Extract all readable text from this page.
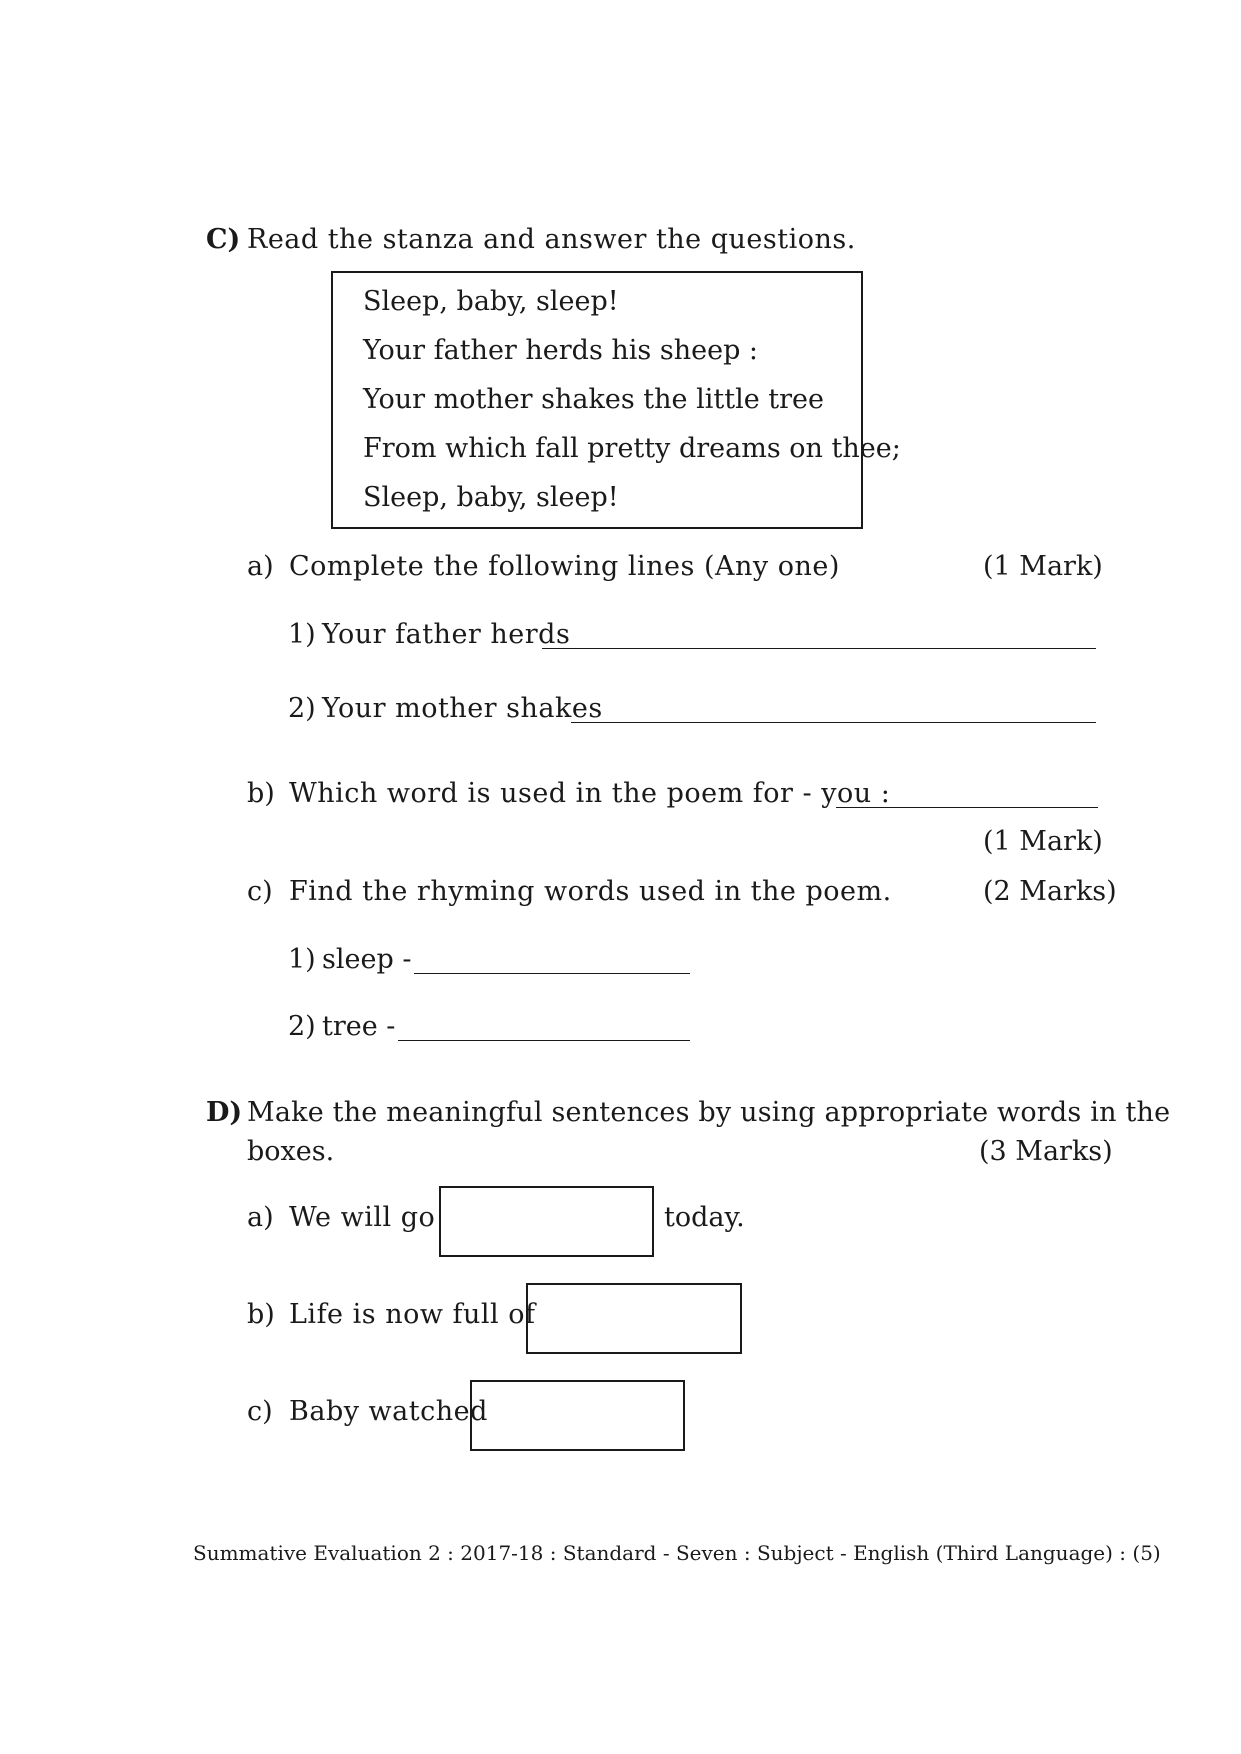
C) Read the stanza and answer the questions.
Sleep, baby, sleep!
Your father herds his sheep :
Your mother shakes the little tree
From which fall pretty dreams on thee;
Sleep, baby, sleep!
a) Complete the following lines (Any one)	(1 Mark)
1) Your father herds
2) Your mother shakes
b) Which word is used in the poem for - you :
(1 Mark)
c) Find the rhyming words used in the poem.	(2 Marks)
1) sleep -
2) tree -
D) Make the meaningful sentences by using appropriate words in the
boxes.	(3 Marks)
a) We will go	today.
b) Life is now full of
c) Baby watched
Summative Evaluation 2 : 2017-18 : Standard - Seven : Subject - English (Third Language) : (5)
